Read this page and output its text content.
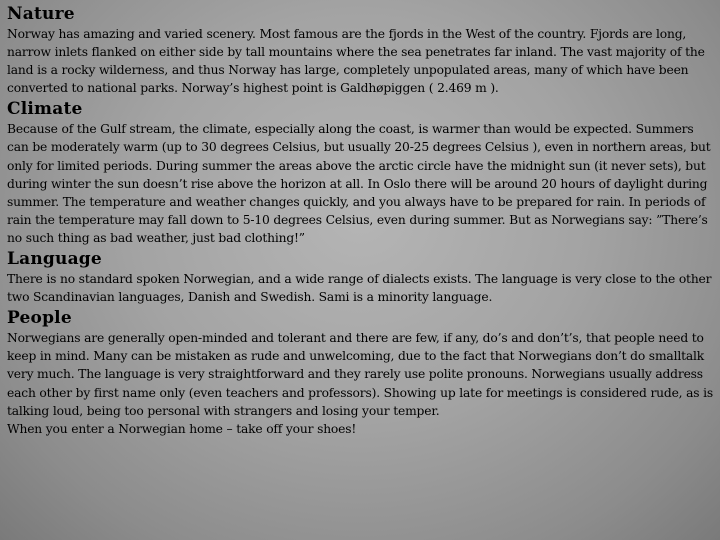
Nature

Norway has amazing and varied scenery. Most famous are the fjords in the West of the country. Fjords are long, narrow inlets flanked on either side by tall mountains where the sea penetrates far inland. The vast majority of the land is a rocky wilderness, and thus Norway has large, completely unpopulated areas, many of which have been converted to national parks. Norway’s highest point is Galdhøpiggen ( 2.469 m ).

Climate

Because of the Gulf stream, the climate, especially along the coast, is warmer than would be expected. Summers can be moderately warm (up to 30 degrees Celsius, but usually 20-25 degrees Celsius ), even in northern areas, but only for limited periods. During summer the areas above the arctic circle have the midnight sun (it never sets), but during winter the sun doesn’t rise above the horizon at all. In Oslo there will be around 20 hours of daylight during summer. The temperature and weather changes quickly, and you always have to be prepared for rain. In periods of rain the temperature may fall down to 5-10 degrees Celsius, even during summer. But as Norwegians say: ”There’s no such thing as bad weather, just bad clothing!”

Language

There is no standard spoken Norwegian, and a wide range of dialects exists. The language is very close to the other two Scandinavian languages, Danish and Swedish. Sami is a minority language.

People

Norwegians are generally open-minded and tolerant and there are few, if any, do’s and don’t’s, that people need to keep in mind. Many can be mistaken as rude and unwelcoming, due to the fact that Norwegians don’t do smalltalk very much. The language is very straightforward and they rarely use polite pronouns. Norwegians usually address each other by first name only (even teachers and professors). Showing up late for meetings is considered rude, as is talking loud, being too personal with strangers and losing your temper.

When you enter a Norwegian home – take off your shoes!
